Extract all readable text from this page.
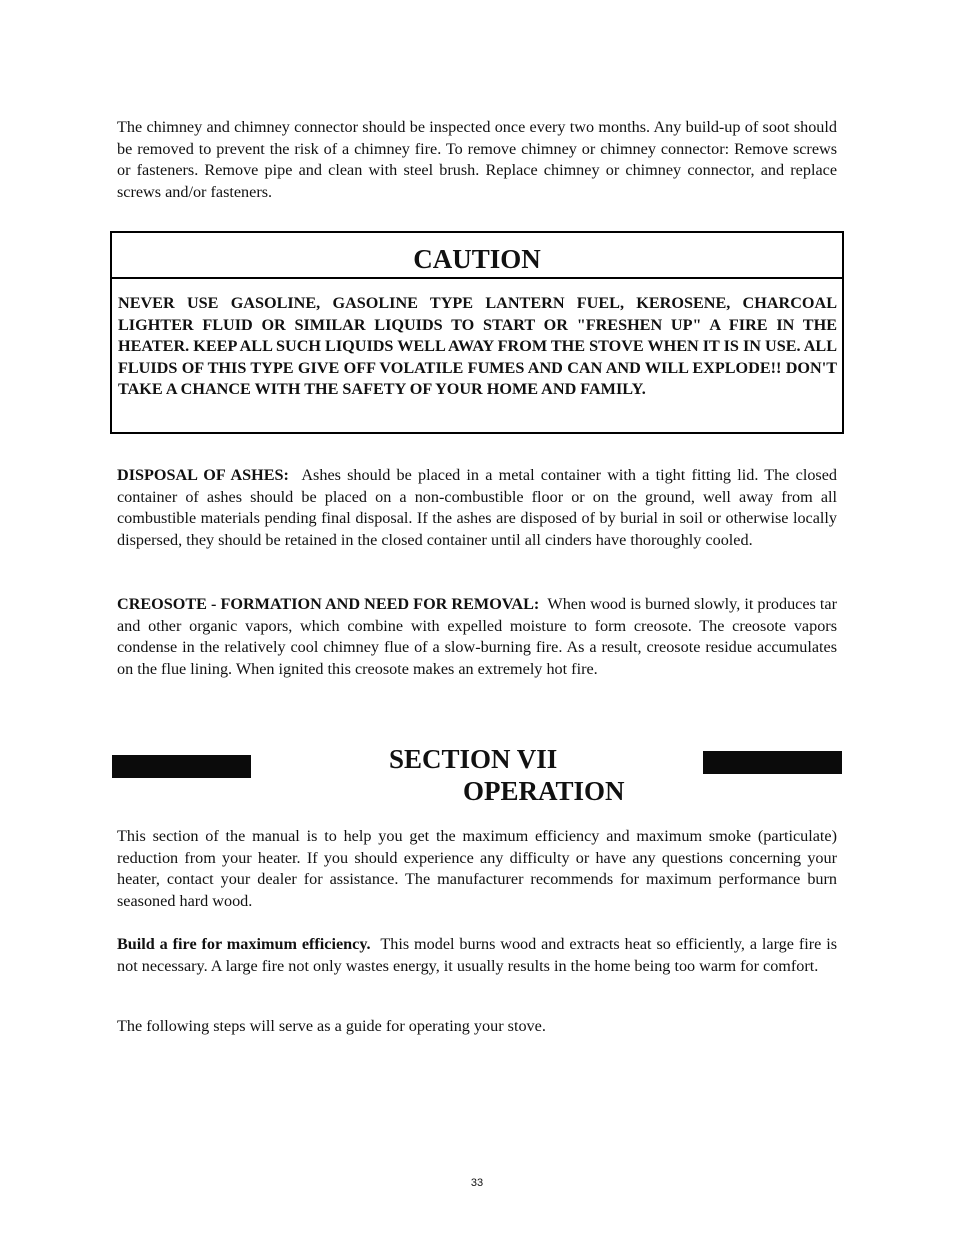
The chimney and chimney connector should be inspected once every two months. Any build-up of soot should be removed to prevent the risk of a chimney fire. To remove chimney or chimney connector: Remove screws or fasteners. Remove pipe and clean with steel brush. Replace chimney or chimney connector, and replace screws and/or fasteners.

CAUTION
NEVER USE GASOLINE, GASOLINE TYPE LANTERN FUEL, KEROSENE, CHARCOAL LIGHTER FLUID OR SIMILAR LIQUIDS TO START OR "FRESHEN UP" A FIRE IN THE HEATER. KEEP ALL SUCH LIQUIDS WELL AWAY FROM THE STOVE WHEN IT IS IN USE. ALL FLUIDS OF THIS TYPE GIVE OFF VOLATILE FUMES AND CAN AND WILL EXPLODE!! DON'T TAKE A CHANCE WITH THE SAFETY OF YOUR HOME AND FAMILY.

DISPOSAL OF ASHES: Ashes should be placed in a metal container with a tight fitting lid. The closed container of ashes should be placed on a non-combustible floor or on the ground, well away from all combustible materials pending final disposal. If the ashes are disposed of by burial in soil or otherwise locally dispersed, they should be retained in the closed container until all cinders have thoroughly cooled.

CREOSOTE - FORMATION AND NEED FOR REMOVAL: When wood is burned slowly, it produces tar and other organic vapors, which combine with expelled moisture to form creosote. The creosote vapors condense in the relatively cool chimney flue of a slow-burning fire. As a result, creosote residue accumulates on the flue lining. When ignited this creosote makes an extremely hot fire.

SECTION VII
OPERATION

This section of the manual is to help you get the maximum efficiency and maximum smoke (particulate) reduction from your heater. If you should experience any difficulty or have any questions concerning your heater, contact your dealer for assistance. The manufacturer recommends for maximum performance burn seasoned hard wood.

Build a fire for maximum efficiency. This model burns wood and extracts heat so efficiently, a large fire is not necessary. A large fire not only wastes energy, it usually results in the home being too warm for comfort.

The following steps will serve as a guide for operating your stove.

33
